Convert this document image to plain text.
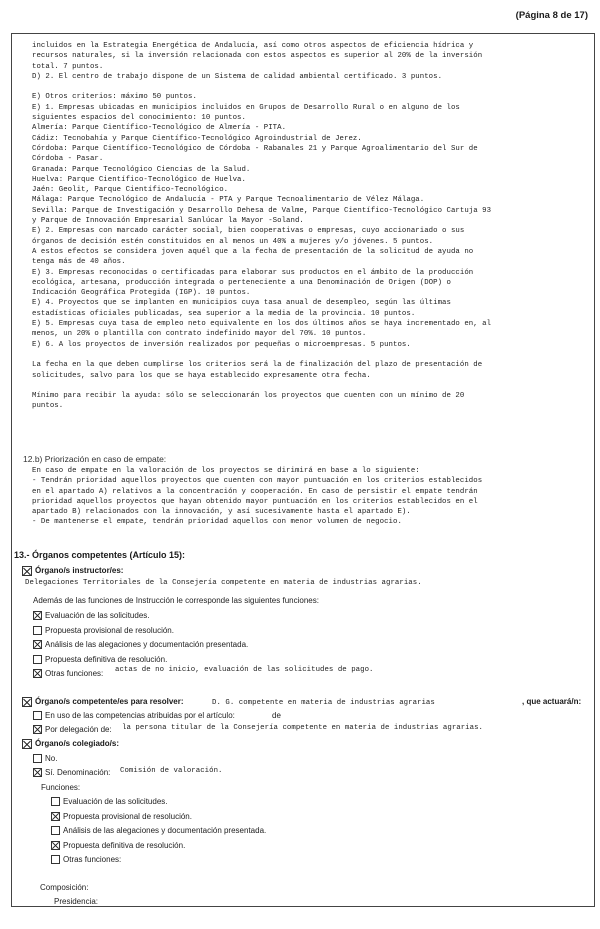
(Página 8 de 17)
incluidos en la Estrategia Energética de Andalucía, así como otros aspectos de eficiencia hídrica y
recursos naturales, si la inversión relacionada con estos aspectos es superior al 20% de la inversión
total. 7 puntos.
D) 2. El centro de trabajo dispone de un Sistema de calidad ambiental certificado. 3 puntos.
E) Otros criterios: máximo 50 puntos.
E) 1. Empresas ubicadas en municipios incluidos en Grupos de Desarrollo Rural o en alguno de los
siguientes espacios del conocimiento: 10 puntos.
Almería: Parque Científico-Tecnológico de Almería - PITA.
Cádiz: Tecnobahía y Parque Científico-Tecnológico Agroindustrial de Jerez.
Córdoba: Parque Científico-Tecnológico de Córdoba - Rabanales 21 y Parque Agroalimentario del Sur de
Córdoba - Pasar.
Granada: Parque Tecnológico Ciencias de la Salud.
Huelva: Parque Científico-Tecnológico de Huelva.
Jaén: Geolit, Parque Científico-Tecnológico.
Málaga: Parque Tecnológico de Andalucía - PTA y Parque Tecnoalimentario de Vélez Málaga.
Sevilla: Parque de Investigación y Desarrollo Dehesa de Valme, Parque Científico-Tecnológico Cartuja 93
y Parque de Innovación Empresarial Sanlúcar la Mayor -Soland.
E) 2. Empresas con marcado carácter social, bien cooperativas o empresas, cuyo accionariado o sus
órganos de decisión estén constituidos en al menos un 40% a mujeres y/o jóvenes. 5 puntos.
A estos efectos se considera joven aquél que a la fecha de presentación de la solicitud de ayuda no
tenga más de 40 años.
E) 3. Empresas reconocidas o certificadas para elaborar sus productos en el ámbito de la producción
ecológica, artesana, producción integrada o perteneciente a una Denominación de Origen (DOP) o
Indicación Geográfica Protegida (IGP). 10 puntos.
E) 4. Proyectos que se implanten en municipios cuya tasa anual de desempleo, según las últimas
estadísticas oficiales publicadas, sea superior a la media de la provincia. 10 puntos.
E) 5. Empresas cuya tasa de empleo neto equivalente en los dos últimos años se haya incrementado en, al
menos, un 20% o plantilla con contrato indefinido mayor del 70%. 10 puntos.
E) 6. A los proyectos de inversión realizados por pequeñas o microempresas. 5 puntos.
La fecha en la que deben cumplirse los criterios será la de finalización del plazo de presentación de
solicitudes, salvo para los que se haya establecido expresamente otra fecha.
Mínimo para recibir la ayuda: sólo se seleccionarán los proyectos que cuenten con un mínimo de 20
puntos.
12.b) Priorización en caso de empate:
En caso de empate en la valoración de los proyectos se dirimirá en base a lo siguiente:
- Tendrán prioridad aquellos proyectos que cuenten con mayor puntuación en los criterios establecidos
en el apartado A) relativos a la concentración y cooperación. En caso de persistir el empate tendrán
prioridad aquellos proyectos que hayan obtenido mayor puntuación en los criterios establecidos en el
apartado B) relacionados con la innovación, y así sucesivamente hasta el apartado E).
- De mantenerse el empate, tendrán prioridad aquellos con menor volumen de negocio.
13.- Órganos competentes (Artículo 15):
Órgano/s instructor/es:
Delegaciones Territoriales de la Consejería competente en materia de industrias agrarias.
Además de las funciones de Instrucción le corresponde las siguientes funciones:
Evaluación de las solicitudes.
Propuesta provisional de resolución.
Análisis de las alegaciones y documentación presentada.
Propuesta definitiva de resolución.
Otras funciones: actas de no inicio, evaluación de las solicitudes de pago.
Órgano/s competente/es para resolver:	D. G. competente en materia de industrias agrarias	, que actuará/n:
En uso de las competencias atribuidas por el artículo:	de
Por delegación de: la persona titular de la Consejería competente en materia de industrias agrarias.
Órgano/s colegiado/s:
No.
Sí. Denominación: Comisión de valoración.
Funciones:
Evaluación de las solicitudes.
Propuesta provisional de resolución.
Análisis de las alegaciones y documentación presentada.
Propuesta definitiva de resolución.
Otras funciones:
Composición:
Presidencia:
